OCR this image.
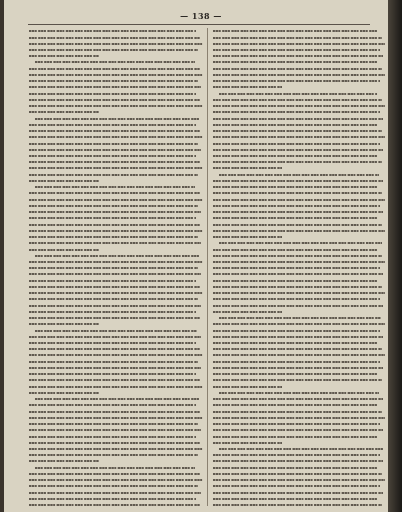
— 138 —
